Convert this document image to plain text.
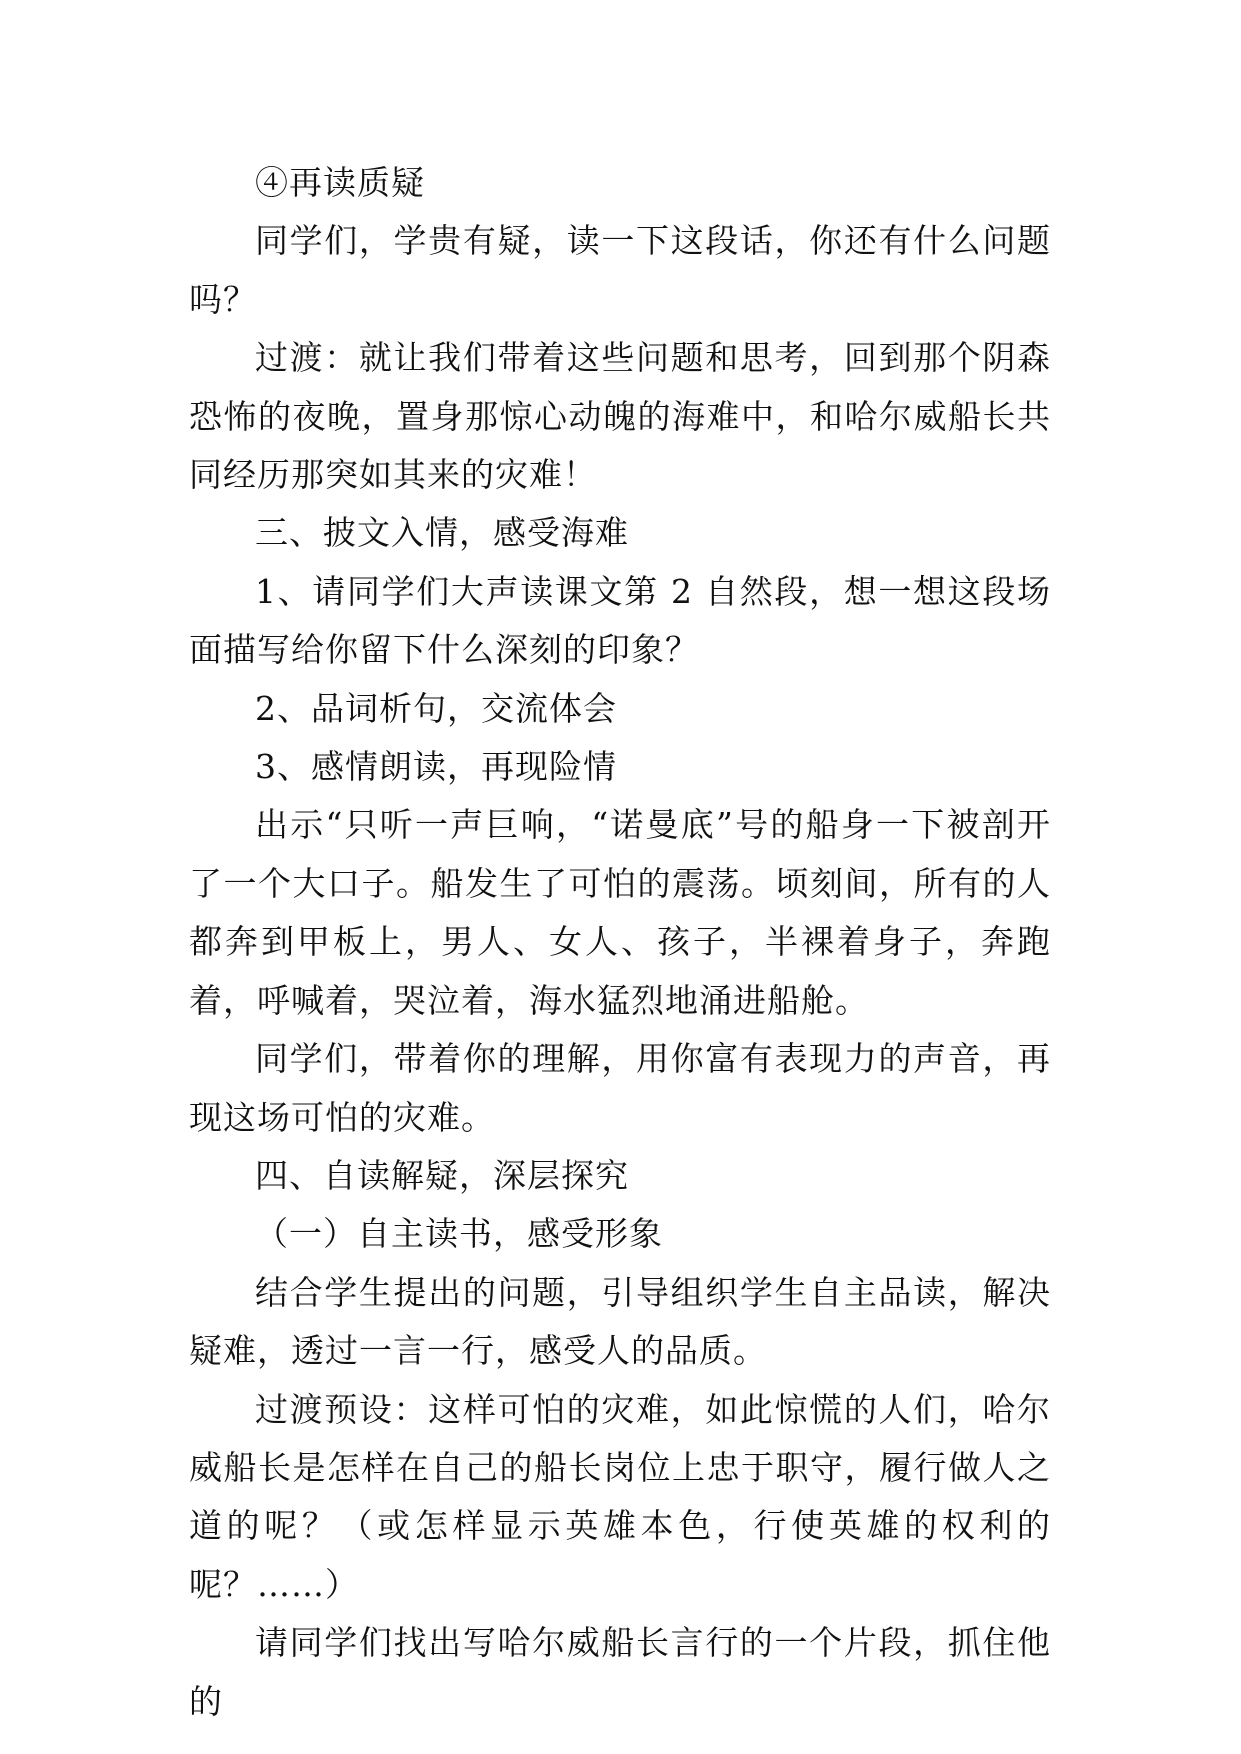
④再读质疑

同学们，学贵有疑，读一下这段话，你还有什么问题吗？

过渡：就让我们带着这些问题和思考，回到那个阴森恐怖的夜晚，置身那惊心动魄的海难中，和哈尔威船长共同经历那突如其来的灾难！

三、披文入情，感受海难

1、请同学们大声读课文第 2 自然段，想一想这段场面描写给你留下什么深刻的印象？

2、品词析句，交流体会

3、感情朗读，再现险情

出示“只听一声巨响，“诺曼底”号的船身一下被剖开了一个大口子。船发生了可怕的震荡。顷刻间，所有的人都奔到甲板上，男人、女人、孩子，半裸着身子，奔跑着，呼喊着，哭泣着，海水猛烈地涌进船舱。

同学们，带着你的理解，用你富有表现力的声音，再现这场可怕的灾难。

四、自读解疑，深层探究

（一）自主读书，感受形象

结合学生提出的问题，引导组织学生自主品读，解决疑难，透过一言一行，感受人的品质。

过渡预设：这样可怕的灾难，如此惊慌的人们，哈尔威船长是怎样在自己的船长岗位上忠于职守，履行做人之道的呢？（或怎样显示英雄本色，行使英雄的权利的呢？……）

请同学们找出写哈尔威船长言行的一个片段，抓住他的
